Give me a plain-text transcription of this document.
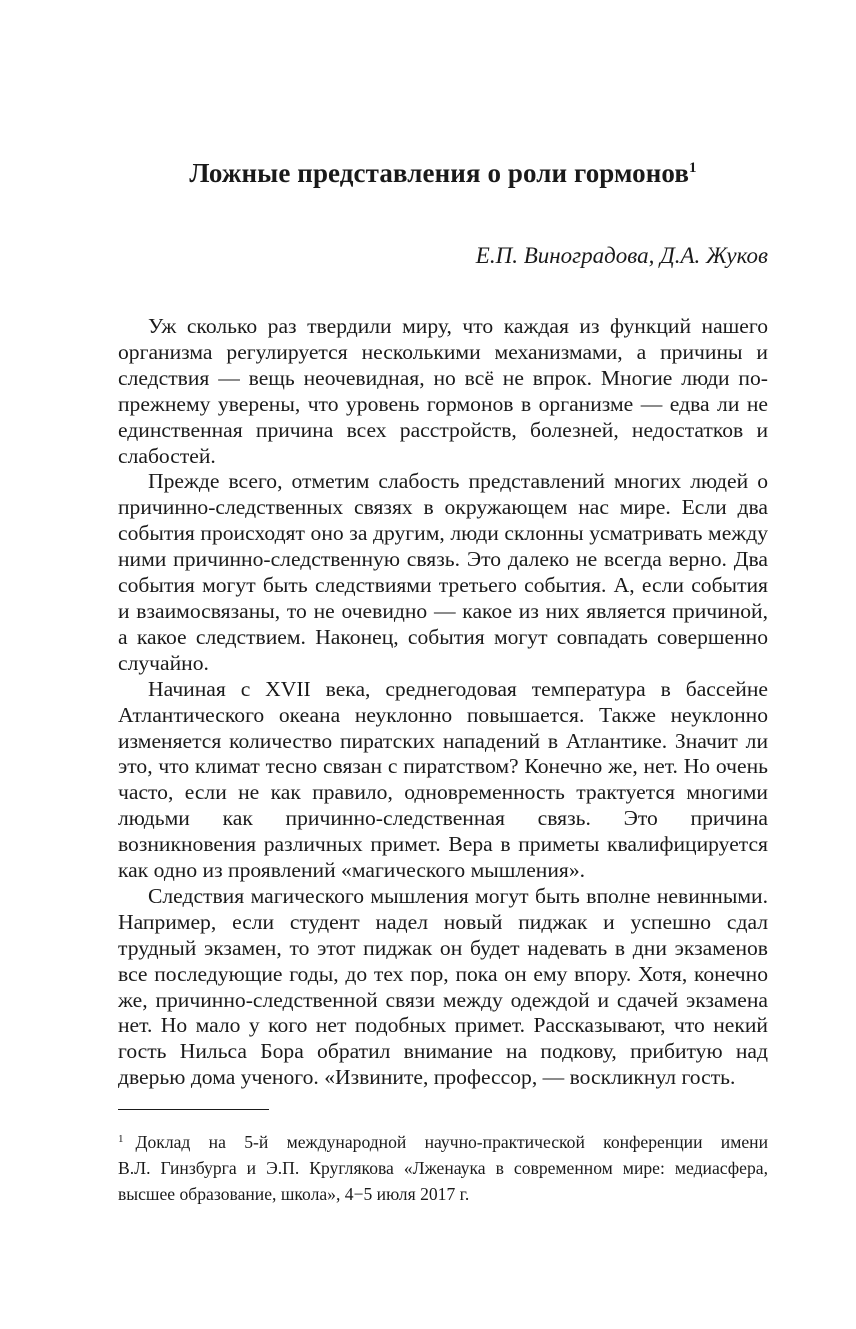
Ложные представления о роли гормонов$^1$

Е.П. Виноградова, Д.А. Жуков

Уж сколько раз твердили миру, что каждая из функций нашего организма регулируется несколькими механизмами, а причины и следствия — вещь неочевидная, но всё не впрок. Многие люди попрежнему уверены, что уровень гормонов в организме — едва ли не единственная причина всех расстройств, болезней, недостатков и слабостей.

Прежде всего, отметим слабость представлений многих людей о причинно-следственных связях в окружающем нас мире. Если два события происходят оно за другим, люди склонны усматривать между ними причинно-следственную связь. Это далеко не всегда верно. Два события могут быть следствиями третьего события. А, если события и взаимосвязаны, то не очевидно — какое из них является причиной, а какое следствием. Наконец, события могут совпадать совершенно случайно.

Начиная с XVII века, среднегодовая температура в бассейне Атлантического океана неуклонно повышается. Также неуклонно изменяется количество пиратских нападений в Атлантике. Значит ли это, что климат тесно связан с пиратством? Конечно же, нет. Но очень часто, если не как правило, одновременность трактуется многими людьми как причинно-следственная связь. Это причина возникновения различных примет. Вера в приметы квалифицируется как одно из проявлений «магического мышления».

Следствия магического мышления могут быть вполне невинными. Например, если студент надел новый пиджак и успешно сдал трудный экзамен, то этот пиджак он будет надевать в дни экзаменов все последующие годы, до тех пор, пока он ему впору. Хотя, конечно же, причинно-следственной связи между одеждой и сдачей экзамена нет. Но мало у кого нет подобных примет. Рассказывают, что некий гость Нильса Бора обратил внимание на подкову, прибитую над дверью дома ученого. «Извините, профессор, — воскликнул гость.

$^1$ Доклад на 5-й международной научно-практической конференции имени
В.Л. Гинзбурга и Э.П. Круглякова «Лженаука в современном мире: медиасфера,
высшее образование, школа», 4−5 июля 2017 г.
